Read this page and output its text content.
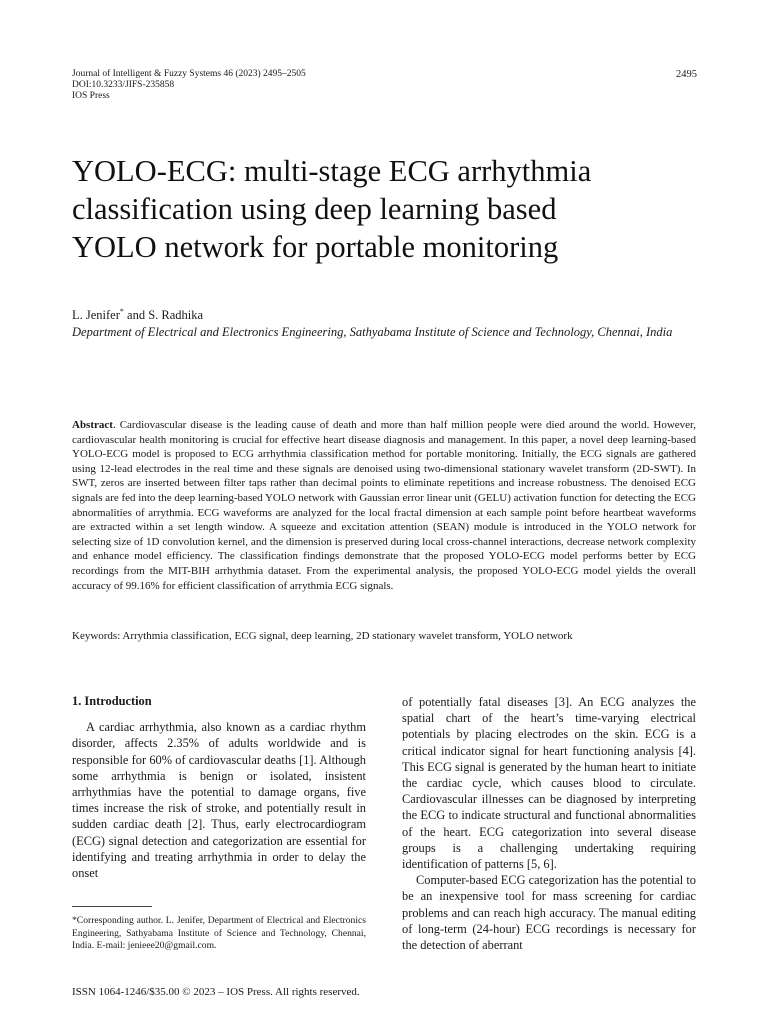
Journal of Intelligent & Fuzzy Systems 46 (2023) 2495–2505
DOI:10.3233/JIFS-235858
IOS Press
2495
YOLO-ECG: multi-stage ECG arrhythmia
classification using deep learning based
YOLO network for portable monitoring
L. Jenifer* and S. Radhika
Department of Electrical and Electronics Engineering, Sathyabama Institute of Science and Technology, Chennai, India
Abstract. Cardiovascular disease is the leading cause of death and more than half million people were died around the world. However, cardiovascular health monitoring is crucial for effective heart disease diagnosis and management. In this paper, a novel deep learning-based YOLO-ECG model is proposed to ECG arrhythmia classification method for portable monitoring. Initially, the ECG signals are gathered using 12-lead electrodes in the real time and these signals are denoised using two-dimensional stationary wavelet transform (2D-SWT). In SWT, zeros are inserted between filter taps rather than decimal points to eliminate repetitions and increase robustness. The denoised ECG signals are fed into the deep learning-based YOLO network with Gaussian error linear unit (GELU) activation function for detecting the ECG abnormalities of arrythmia. ECG waveforms are analyzed for the local fractal dimension at each sample point before heartbeat waveforms are extracted within a set length window. A squeeze and excitation attention (SEAN) module is introduced in the YOLO network for selecting size of 1D convolution kernel, and the dimension is preserved during local cross-channel interactions, decrease network complexity and enhance model efficiency. The classification findings demonstrate that the proposed YOLO-ECG model performs better by ECG recordings from the MIT-BIH arrhythmia dataset. From the experimental analysis, the proposed YOLO-ECG model yields the overall accuracy of 99.16% for efficient classification of arrythmia ECG signals.
Keywords: Arrythmia classification, ECG signal, deep learning, 2D stationary wavelet transform, YOLO network
1. Introduction

A cardiac arrhythmia, also known as a cardiac rhythm disorder, affects 2.35% of adults worldwide and is responsible for 60% of cardiovascular deaths [1]. Although some arrhythmia is benign or isolated, insistent arrhythmias have the potential to damage organs, five times increase the risk of stroke, and potentially result in sudden cardiac death [2]. Thus, early electrocardiogram (ECG) signal detection and categorization are essential for identifying and treating arrhythmia in order to delay the onset

of potentially fatal diseases [3]. An ECG analyzes the spatial chart of the heart’s time-varying electrical potentials by placing electrodes on the skin. ECG is a critical indicator signal for heart functioning analysis [4]. This ECG signal is generated by the human heart to initiate the cardiac cycle, which causes blood to circulate. Cardiovascular illnesses can be diagnosed by interpreting the ECG to indicate structural and functional abnormalities of the heart. ECG categorization into several disease groups is a challenging undertaking requiring identification of patterns [5, 6].

Computer-based ECG categorization has the potential to be an inexpensive tool for mass screening for cardiac problems and can reach high accuracy. The manual editing of long-term (24-hour) ECG recordings is necessary for the detection of aberrant

*Corresponding author. L. Jenifer, Department of Electrical and Electronics Engineering, Sathyabama Institute of Science and Technology, Chennai, India. E-mail: jenieee20@gmail.com.
ISSN 1064-1246/$35.00 © 2023 – IOS Press. All rights reserved.
